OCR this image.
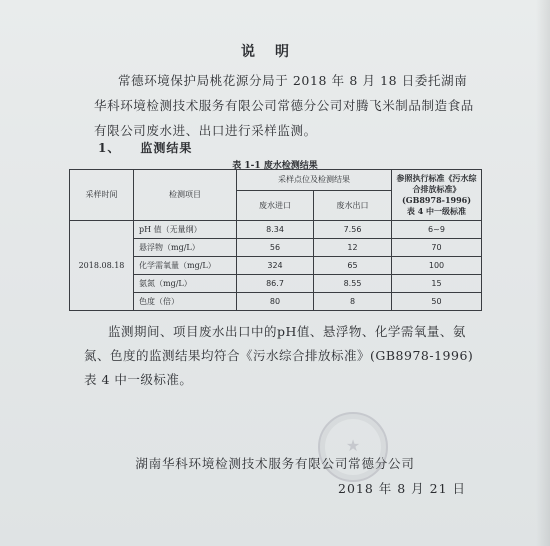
说明
常德环境保护局桃花源分局于 2018 年 8 月 18 日委托湖南华科环境检测技术服务有限公司常德分公司对腾飞米制品制造食品有限公司废水进、出口进行采样监测。
1、 监测结果
表 1-1 废水检测结果
采样时间	检测项目	采样点位及检测结果		参照执行标准《污水综
合排放标准》
(GB8978-1996)
表 4 中一级标准

		废水进口	废水出口	
2018.08.18	pH 值（无量纲）	8.34	7.56	6~9
	悬浮物（mg/L）	56	12	70
	化学需氧量（mg/L）	324	65	100
	氨氮（mg/L）	86.7	8.55	15
	色度（倍）	80	8	50
监测期间、项目废水出口中的pH值、悬浮物、化学需氧量、氨氮、色度的监测结果均符合《污水综合排放标准》(GB8978-1996) 表 4 中一级标准。
★
湖南华科环境检测技术服务有限公司常德分公司
2018 年 8 月 21 日
